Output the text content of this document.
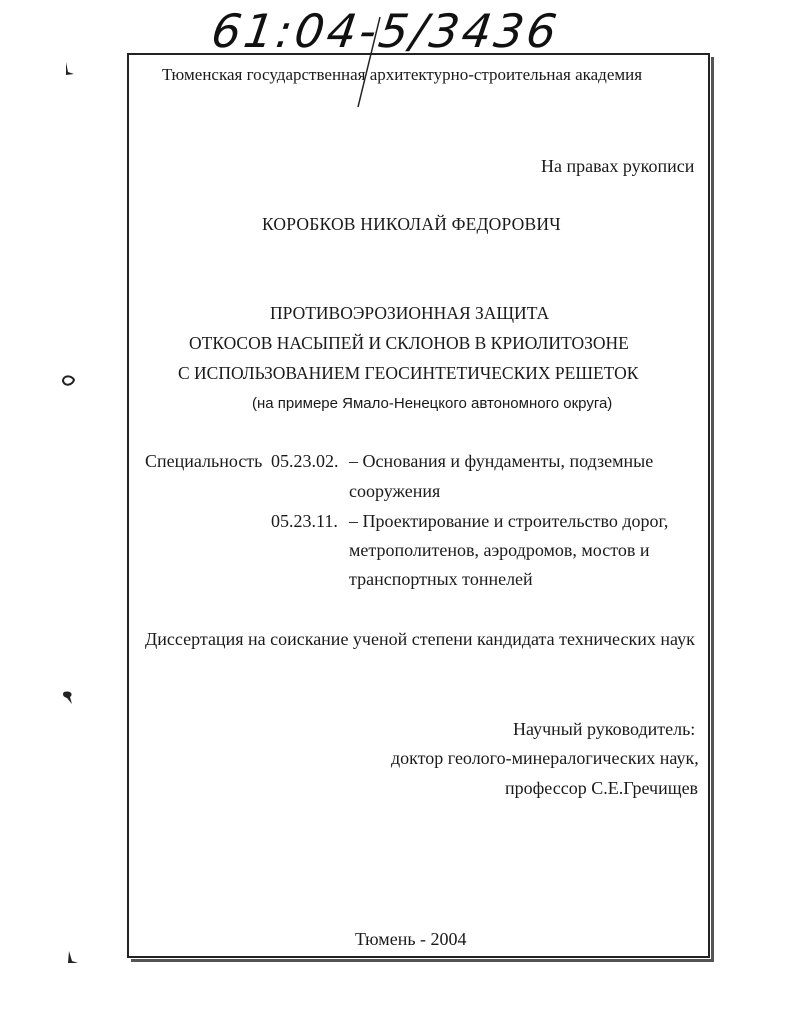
61:04-5/3436
Тюменская государственная архитектурно-строительная академия
На правах рукописи
КОРОБКОВ НИКОЛАЙ ФЕДОРОВИЧ
ПРОТИВОЭРОЗИОННАЯ ЗАЩИТА
ОТКОСОВ НАСЫПЕЙ И СКЛОНОВ В КРИОЛИТОЗОНЕ
С ИСПОЛЬЗОВАНИЕМ ГЕОСИНТЕТИЧЕСКИХ РЕШЕТОК
(на примере Ямало-Ненецкого автономного округа)
Специальность 05.23.02. – Основания и фундаменты, подземные
сооружения
05.23.11. – Проектирование и строительство дорог,
метрополитенов, аэродромов, мостов и
транспортных тоннелей
Диссертация на соискание ученой степени кандидата технических наук
Научный руководитель:
доктор геолого-минералогических наук,
профессор С.Е.Гречищев
Тюмень - 2004
